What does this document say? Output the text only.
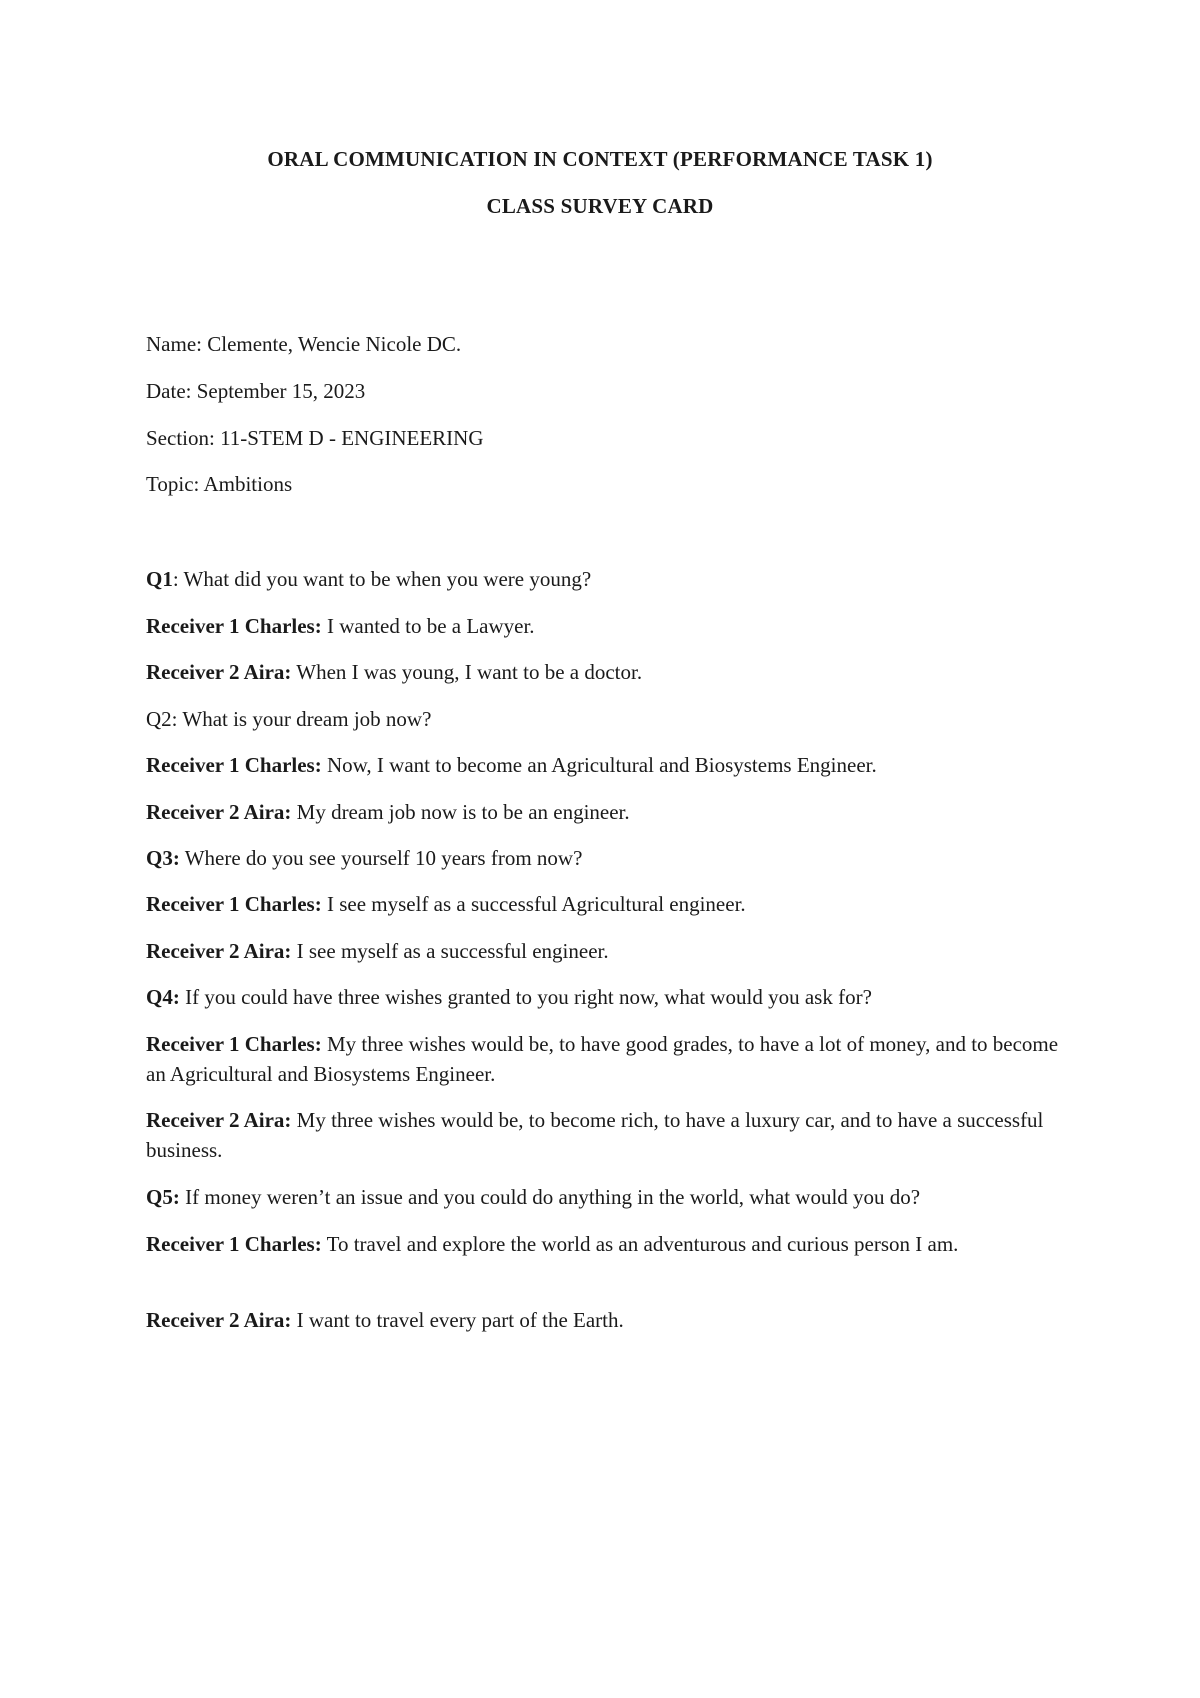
ORAL COMMUNICATION IN CONTEXT (PERFORMANCE TASK 1)
CLASS SURVEY CARD
Name: Clemente, Wencie Nicole DC.
Date: September 15, 2023
Section: 11-STEM D - ENGINEERING
Topic: Ambitions
Q1: What did you want to be when you were young?
Receiver 1 Charles: I wanted to be a Lawyer.
Receiver 2 Aira: When I was young, I want to be a doctor.
Q2: What is your dream job now?
Receiver 1 Charles: Now, I want to become an Agricultural and Biosystems Engineer.
Receiver 2 Aira: My dream job now is to be an engineer.
Q3: Where do you see yourself 10 years from now?
Receiver 1 Charles: I see myself as a successful Agricultural engineer.
Receiver 2 Aira: I see myself as a successful engineer.
Q4: If you could have three wishes granted to you right now, what would you ask for?
Receiver 1 Charles: My three wishes would be, to have good grades, to have a lot of money, and to become an Agricultural and Biosystems Engineer.
Receiver 2 Aira: My three wishes would be, to become rich, to have a luxury car, and to have a successful business.
Q5: If money weren’t an issue and you could do anything in the world, what would you do?
Receiver 1 Charles: To travel and explore the world as an adventurous and curious person I am.
Receiver 2 Aira: I want to travel every part of the Earth.
